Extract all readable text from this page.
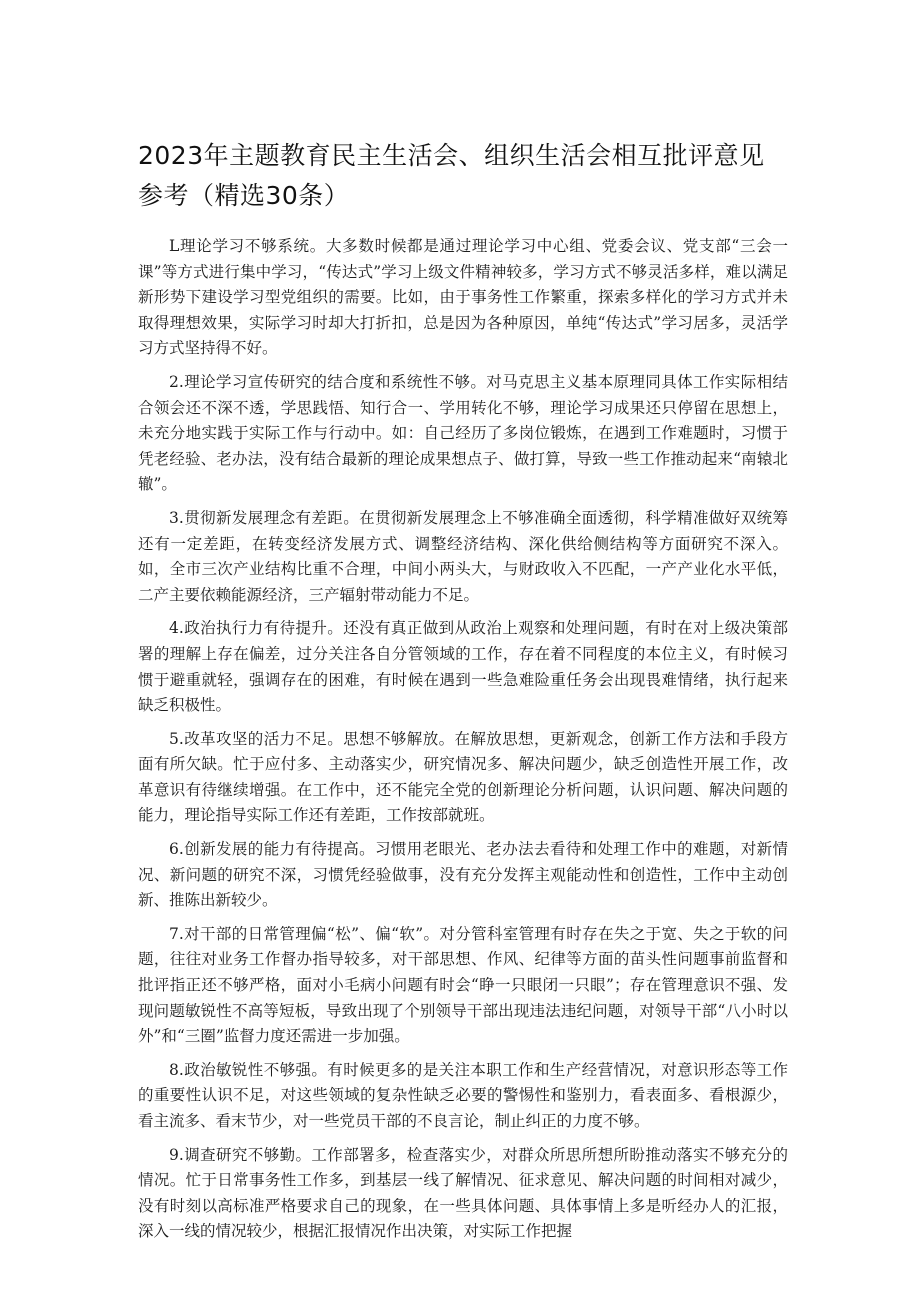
2023年主题教育民主生活会、组织生活会相互批评意见参考（精选30条）

L理论学习不够系统。大多数时候都是通过理论学习中心组、党委会议、党支部“三会一课”等方式进行集中学习，“传达式”学习上级文件精神较多，学习方式不够灵活多样，难以满足新形势下建设学习型党组织的需要。比如，由于事务性工作繁重，探索多样化的学习方式并未取得理想效果，实际学习时却大打折扣，总是因为各种原因，单纯“传达式”学习居多，灵活学习方式坚持得不好。

2.理论学习宣传研究的结合度和系统性不够。对马克思主义基本原理同具体工作实际相结合领会还不深不透，学思践悟、知行合一、学用转化不够，理论学习成果还只停留在思想上，未充分地实践于实际工作与行动中。如：自己经历了多岗位锻炼，在遇到工作难题时，习惯于凭老经验、老办法，没有结合最新的理论成果想点子、做打算，导致一些工作推动起来“南辕北辙”。

3.贯彻新发展理念有差距。在贯彻新发展理念上不够准确全面透彻，科学精准做好双统筹还有一定差距，在转变经济发展方式、调整经济结构、深化供给侧结构等方面研究不深入。如，全市三次产业结构比重不合理，中间小两头大，与财政收入不匹配，一产产业化水平低，二产主要依赖能源经济，三产辐射带动能力不足。

4.政治执行力有待提升。还没有真正做到从政治上观察和处理问题，有时在对上级决策部署的理解上存在偏差，过分关注各自分管领域的工作，存在着不同程度的本位主义，有时候习惯于避重就轻，强调存在的困难，有时候在遇到一些急难险重任务会出现畏难情绪，执行起来缺乏积极性。

5.改革攻坚的活力不足。思想不够解放。在解放思想，更新观念，创新工作方法和手段方面有所欠缺。忙于应付多、主动落实少，研究情况多、解决问题少，缺乏创造性开展工作，改革意识有待继续增强。在工作中，还不能完全党的创新理论分析问题，认识问题、解决问题的能力，理论指导实际工作还有差距，工作按部就班。

6.创新发展的能力有待提高。习惯用老眼光、老办法去看待和处理工作中的难题，对新情况、新问题的研究不深，习惯凭经验做事，没有充分发挥主观能动性和创造性，工作中主动创新、推陈出新较少。

7.对干部的日常管理偏“松”、偏“软”。对分管科室管理有时存在失之于宽、失之于软的问题，往往对业务工作督办指导较多，对干部思想、作风、纪律等方面的苗头性问题事前监督和批评指正还不够严格，面对小毛病小问题有时会“睁一只眼闭一只眼”；存在管理意识不强、发现问题敏锐性不高等短板，导致出现了个别领导干部出现违法违纪问题，对领导干部“八小时以外”和“三圈”监督力度还需进一步加强。

8.政治敏锐性不够强。有时候更多的是关注本职工作和生产经营情况，对意识形态等工作的重要性认识不足，对这些领域的复杂性缺乏必要的警惕性和鉴别力，看表面多、看根源少，看主流多、看末节少，对一些党员干部的不良言论，制止纠正的力度不够。

9.调查研究不够勤。工作部署多，检查落实少，对群众所思所想所盼推动落实不够充分的情况。忙于日常事务性工作多，到基层一线了解情况、征求意见、解决问题的时间相对减少，没有时刻以高标准严格要求自己的现象，在一些具体问题、具体事情上多是听经办人的汇报，深入一线的情况较少，根据汇报情况作出决策，对实际工作把握
